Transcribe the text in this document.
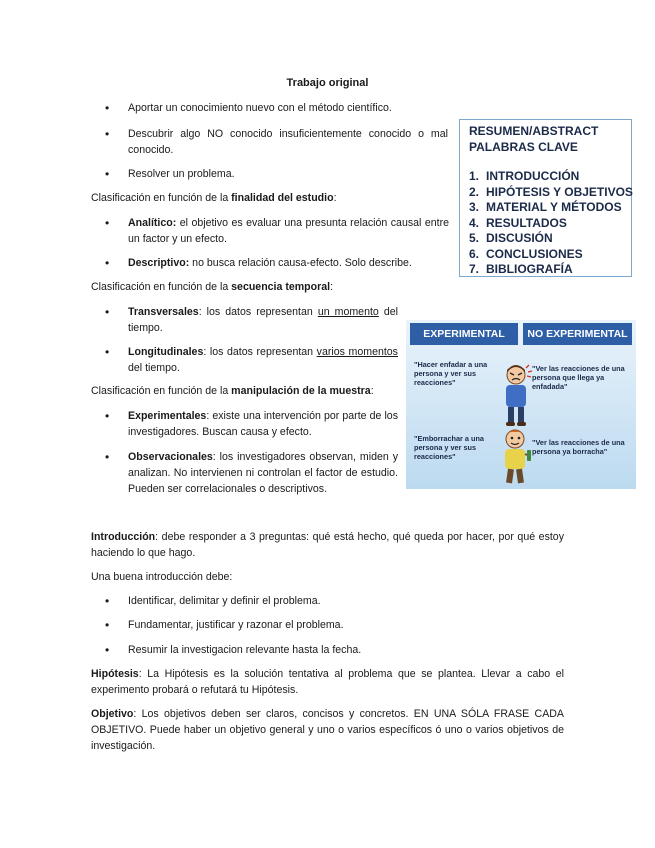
Trabajo original
• Aportar un conocimiento nuevo con el método científico.
• Descubrir algo NO conocido insuficientemente conocido o mal conocido.
• Resolver un problema.
Clasificación en función de la finalidad del estudio:
• Analítico: el objetivo es evaluar una presunta relación causal entre un factor y un efecto.
• Descriptivo: no busca relación causa-efecto. Solo describe.
Clasificación en función de la secuencia temporal:
• Transversales: los datos representan un momento del tiempo.
• Longitudinales: los datos representan varios momentos del tiempo.
Clasificación en función de la manipulación de la muestra:
• Experimentales: existe una intervención por parte de los investigadores. Buscan causa y efecto.
• Observacionales: los investigadores observan, miden y analizan. No intervienen ni controlan el factor de estudio. Pueden ser correlacionales o descriptivos.
Introducción: debe responder a 3 preguntas: qué está hecho, qué queda por hacer, por qué estoy haciendo lo que hago.
Una buena introducción debe:
• Identificar, delimitar y definir el problema.
• Fundamentar, justificar y razonar el problema.
• Resumir la investigacion relevante hasta la fecha.
Hipótesis: La Hipótesis es la solución tentativa al problema que se plantea. Llevar a cabo el experimento probará o refutará tu Hipótesis.
Objetivo: Los objetivos deben ser claros, concisos y concretos. EN UNA SÓLA FRASE CADA OBJETIVO. Puede haber un objetivo general y uno o varios específicos ó uno o varios objetivos de investigación.
RESUMEN/ABSTRACT
PALABRAS CLAVE
1. INTRODUCCIÓN
2. HIPÓTESIS Y OBJETIVOS
3. MATERIAL Y MÉTODOS
4. RESULTADOS
5. DISCUSIÓN
6. CONCLUSIONES
7. BIBLIOGRAFÍA
EXPERIMENTAL	NO EXPERIMENTAL
"Hacer enfadar a una persona y ver sus reacciones"
"Ver las reacciones de una persona que llega ya enfadada"
"Emborrachar a una persona y ver sus reacciones"
"Ver las reacciones de una persona ya borracha"
